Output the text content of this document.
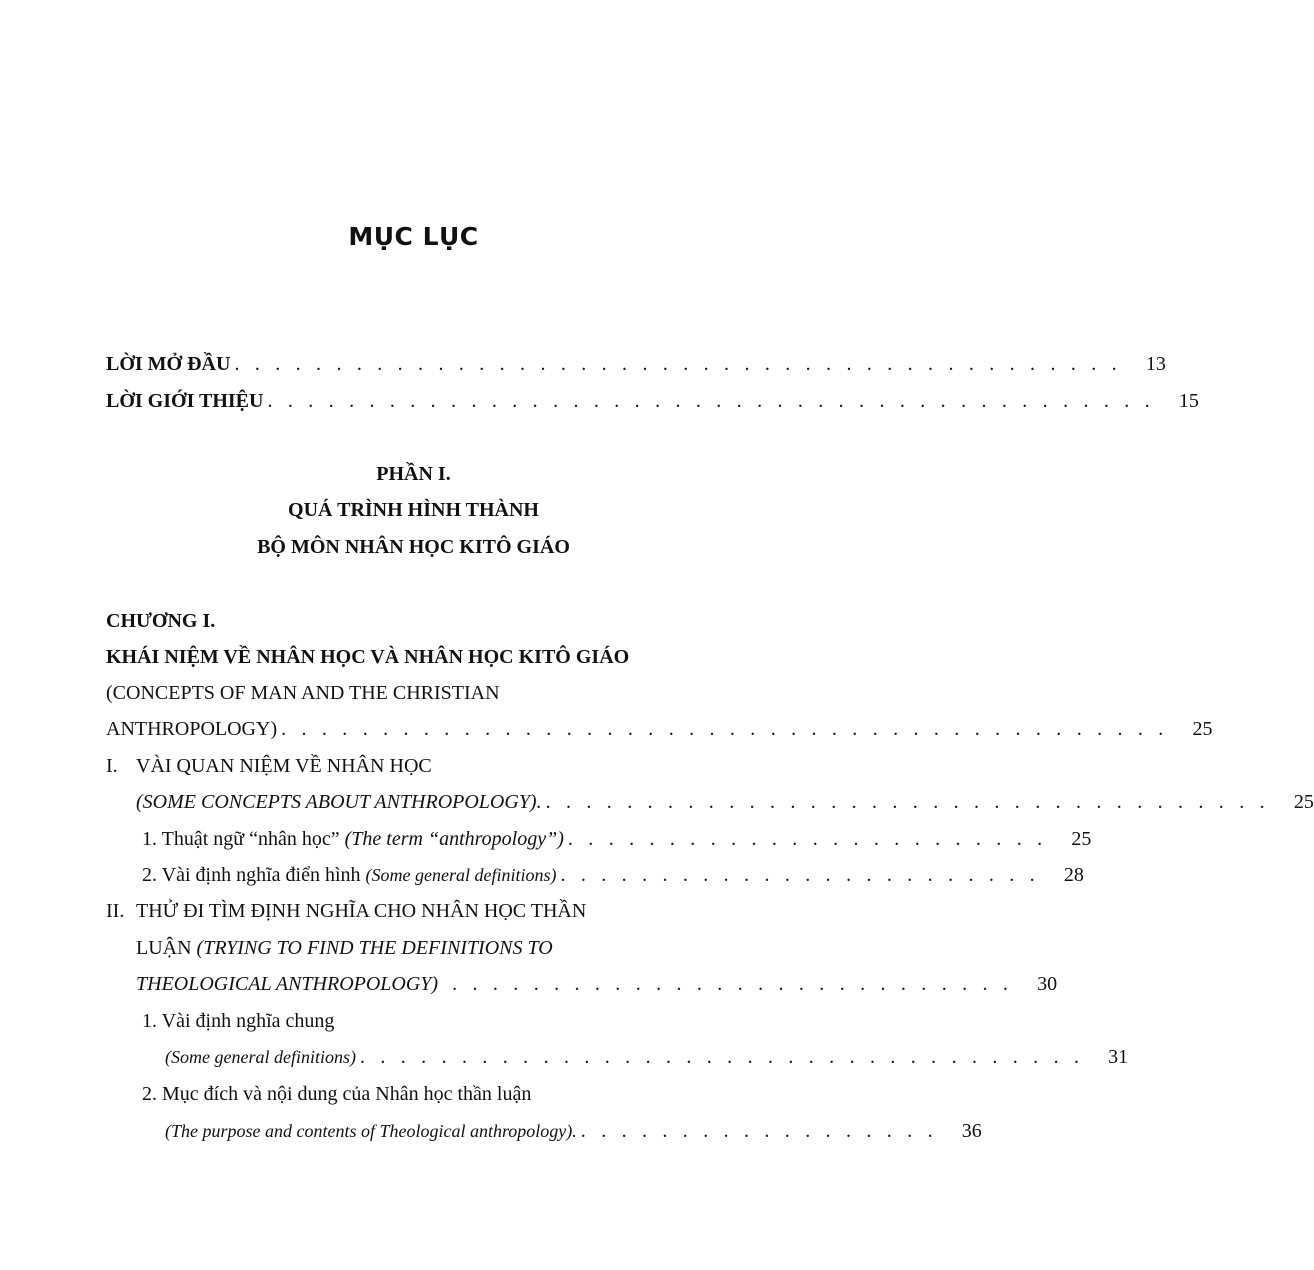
MỤC LỤC
LỜI MỞ ĐẦU . . . . . . . . . . . . . . . . . . . . . . . . . . . . . . . . . . . . . . . . . . . . 13
LỜI GIỚI THIỆU . . . . . . . . . . . . . . . . . . . . . . . . . . . . . . . . . . . . . . . . . . . . 15
PHẦN I.
QUÁ TRÌNH HÌNH THÀNH
BỘ MÔN NHÂN HỌC KITÔ GIÁO
CHƯƠNG I.
KHÁI NIỆM VỀ NHÂN HỌC VÀ NHÂN HỌC KITÔ GIÁO
(CONCEPTS OF MAN AND THE CHRISTIAN
ANTHROPOLOGY) . . . . . . . . . . . . . . . . . . . . . . . . . . . . . . . . . . . . . . . . . . . . 25
I. VÀI QUAN NIỆM VỀ NHÂN HỌC
(SOME CONCEPTS ABOUT ANTHROPOLOGY). . . . . . . . . . . . . . . . . . . . . . . . . . . . . . . . . . . . . 25
1. Thuật ngữ “nhân học” (The term “anthropology”) . . . . . . . . . . . . . . . . . . . . . . . . 25
2. Vài định nghĩa điển hình (Some general definitions) . . . . . . . . . . . . . . . . . . . . . . . . 28
II. THỬ ĐI TÌM ĐỊNH NGHĨA CHO NHÂN HỌC THẦN
LUẬN (TRYING TO FIND THE DEFINITIONS TO
THEOLOGICAL ANTHROPOLOGY) . . . . . . . . . . . . . . . . . . . . . . . . . . . . 30
1. Vài định nghĩa chung
(Some general definitions) . . . . . . . . . . . . . . . . . . . . . . . . . . . . . . . . . . . . 31
2. Mục đích và nội dung của Nhân học thần luận
(The purpose and contents of Theological anthropology). . . . . . . . . . . . . . . . . . . 36
